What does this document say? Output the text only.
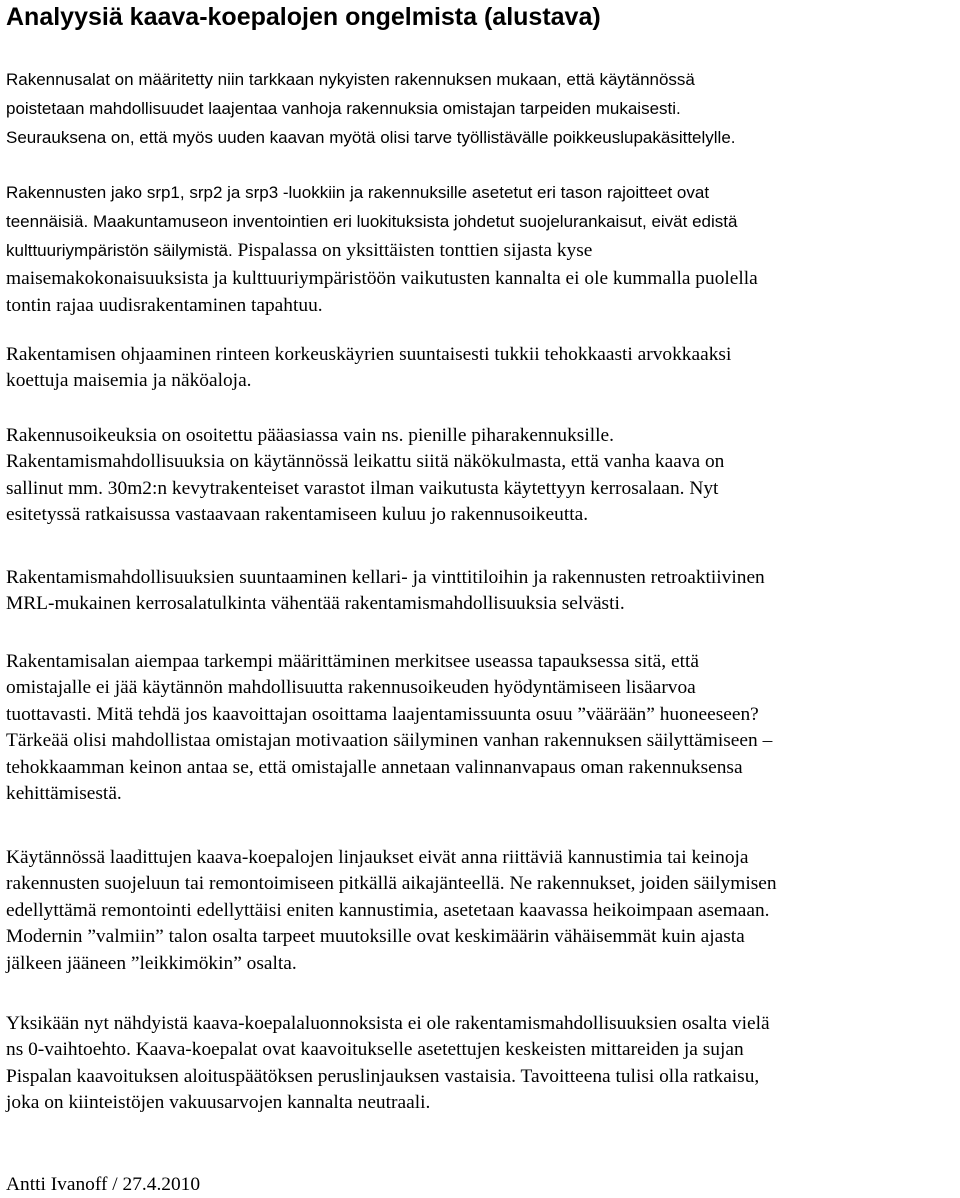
Analyysiä kaava-koepalojen ongelmista (alustava)
Rakennusalat on määritetty niin tarkkaan nykyisten rakennuksen mukaan, että käytännössä
poistetaan mahdollisuudet laajentaa vanhoja rakennuksia omistajan tarpeiden mukaisesti.
Seurauksena on, että myös uuden kaavan myötä olisi tarve työllistävälle poikkeuslupakäsittelylle.
Rakennusten jako srp1, srp2 ja srp3 -luokkiin ja rakennuksille asetetut eri tason rajoitteet ovat
teennäisiä. Maakuntamuseon inventointien eri luokituksista johdetut suojelurankaisut, eivät edistä
kulttuuriympäristön säilymistä. Pispalassa on yksittäisten tonttien sijasta kyse
maisemakokonaisuuksista ja kulttuuriympäristöön vaikutusten kannalta ei ole kummalla puolella
tontin rajaa uudisrakentaminen tapahtuu.
Rakentamisen ohjaaminen rinteen korkeuskäyrien suuntaisesti tukkii tehokkaasti arvokkaaksi
koettuja maisemia ja näköaloja.
Rakennusoikeuksia on osoitettu pääasiassa vain ns. pienille piharakennuksille.
Rakentamismahdollisuuksia on käytännössä leikattu siitä näkökulmasta, että vanha kaava on
sallinut mm. 30m2:n kevytrakenteiset varastot ilman vaikutusta käytettyyn kerrosalaan. Nyt
esitetyssä ratkaisussa vastaavaan rakentamiseen kuluu jo rakennusoikeutta.
Rakentamismahdollisuuksien suuntaaminen kellari- ja vinttitiloihin ja rakennusten retroaktiivinen
MRL-mukainen kerrosalatulkinta vähentää rakentamismahdollisuuksia selvästi.
Rakentamisalan aiempaa tarkempi määrittäminen merkitsee useassa tapauksessa sitä, että
omistajalle ei jää käytännön mahdollisuutta rakennusoikeuden hyödyntämiseen lisäarvoa
tuottavasti. Mitä tehdä jos kaavoittajan osoittama laajentamissuunta osuu ”väärään” huoneeseen?
Tärkeää olisi mahdollistaa omistajan motivaation säilyminen vanhan rakennuksen säilyttämiseen –
tehokkaamman keinon antaa se, että omistajalle annetaan valinnanvapaus oman rakennuksensa
kehittämisestä.
Käytännössä laadittujen kaava-koepalojen linjaukset eivät anna riittäviä kannustimia tai keinoja
rakennusten suojeluun tai remontoimiseen pitkällä aikajänteellä. Ne rakennukset, joiden säilymisen
edellyttämä remontointi edellyttäisi eniten kannustimia, asetetaan kaavassa heikoimpaan asemaan.
Modernin ”valmiin” talon osalta tarpeet muutoksille ovat keskimäärin vähäisemmät kuin ajasta
jälkeen jääneen ”leikkimökin” osalta.
Yksikään nyt nähdyistä kaava-koepalaluonnoksista ei ole rakentamismahdollisuuksien osalta vielä
ns 0-vaihtoehto. Kaava-koepalat ovat kaavoitukselle asetettujen keskeisten mittareiden ja sujan
Pispalan kaavoituksen aloituspäätöksen peruslinjauksen vastaisia. Tavoitteena tulisi olla ratkaisu,
joka on kiinteistöjen vakuusarvojen kannalta neutraali.
Antti Ivanoff / 27.4.2010
